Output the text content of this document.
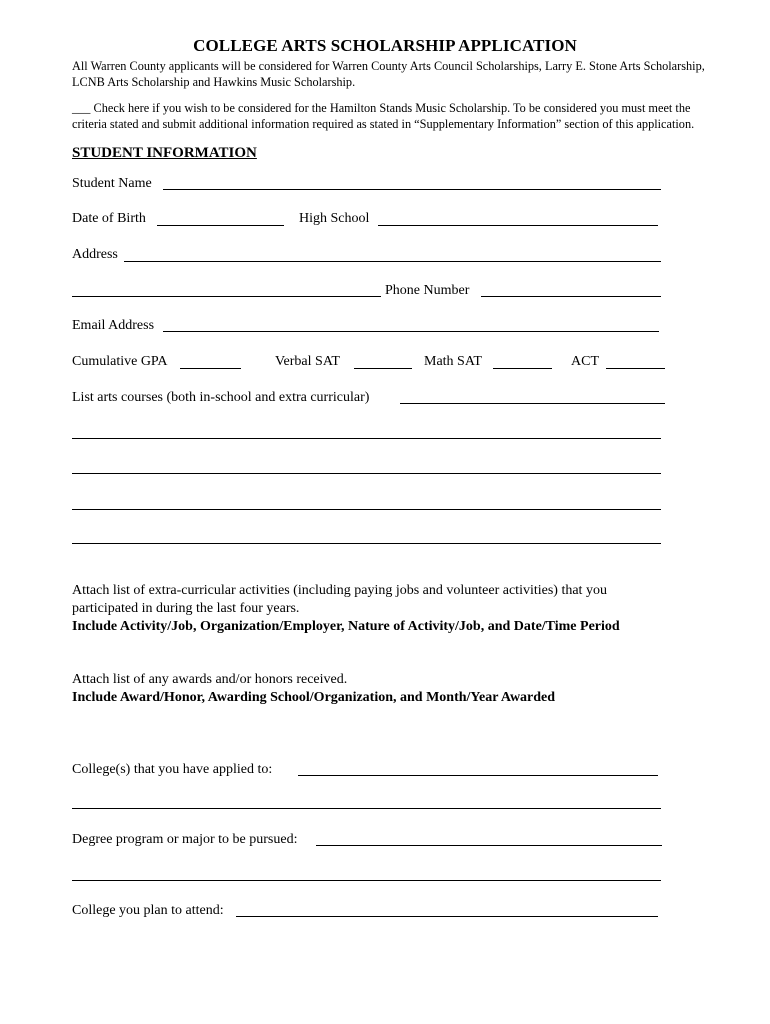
COLLEGE ARTS SCHOLARSHIP APPLICATION
All Warren County applicants will be considered for Warren County Arts Council Scholarships, Larry E. Stone Arts Scholarship,
LCNB Arts Scholarship and Hawkins Music Scholarship.
___ Check here if you wish to be considered for the Hamilton Stands Music Scholarship. To be considered you must meet the
criteria stated and submit additional information required as stated in “Supplementary Information” section of this application.
STUDENT INFORMATION
Student Name
Date of Birth	High School
Address
Phone Number
Email Address
Cumulative GPA	Verbal SAT	Math SAT	ACT
List arts courses (both in-school and extra curricular)
Attach list of extra-curricular activities (including paying jobs and volunteer activities) that you
participated in during the last four years.
Include Activity/Job, Organization/Employer, Nature of Activity/Job, and Date/Time Period
Attach list of any awards and/or honors received.
Include Award/Honor, Awarding School/Organization, and Month/Year Awarded
College(s) that you have applied to:
Degree program or major to be pursued:
College you plan to attend:
